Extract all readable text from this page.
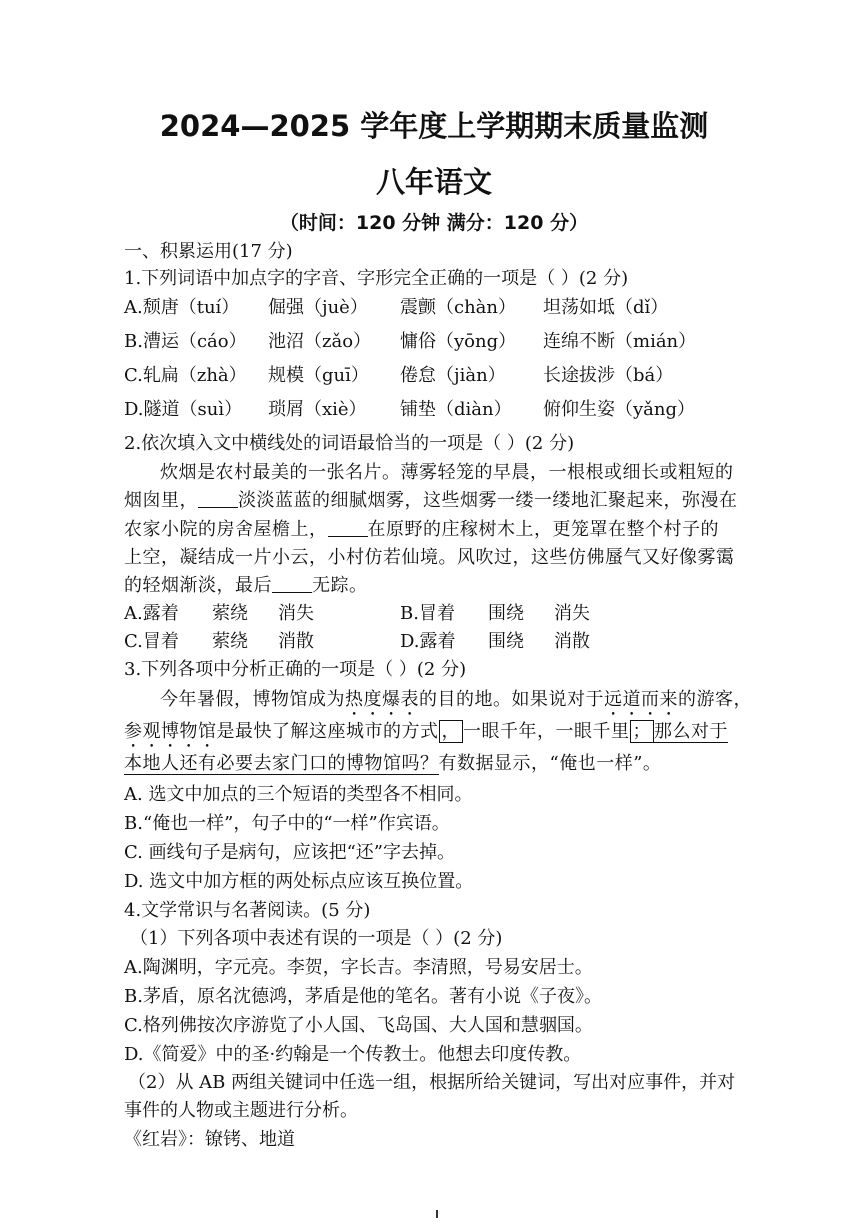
2024—2025 学年度上学期期末质量监测
八年语文
（时间：120 分钟 满分：120 分）
一、积累运用(17 分)
1.下列词语中加点字的字音、字形完全正确的一项是（ ）(2 分)
A.颓唐（tuí） 倔强（juè） 震颤（chàn） 坦荡如坻（dǐ）
B.漕运（cáo） 池沼（zǎo） 慵俗（yōng） 连绵不断（mián）
C.轧扁（zhà） 规模（guī） 倦怠（jiàn） 长途拔涉（bá）
D.隧道（suì） 琐屑（xiè） 铺垫（diàn） 俯仰生姿（yǎng）
2.依次填入文中横线处的词语最恰当的一项是（ ）(2 分)
炊烟是农村最美的一张名片。薄雾轻笼的早晨，一根根或细长或粗短的
烟囱里， 淡淡蓝蓝的细腻烟雾，这些烟雾一缕一缕地汇聚起来，弥漫在
农家小院的房舍屋檐上， 在原野的庄稼树木上，更笼罩在整个村子的
上空，凝结成一片小云，小村仿若仙境。风吹过，这些仿佛蜃气又好像雾霭
的轻烟渐淡，最后 无踪。
A.露着 萦绕 消失	B.冒着 围绕 消失
C.冒着 萦绕 消散	D.露着 围绕 消散
3.下列各项中分析正确的一项是（ ）(2 分)
今年暑假，博物馆成为热度爆表的目的地。如果说对于远道而来的游客，
参观博物馆是最快了解这座城市的方式 ， 一眼千年，一眼千里 ； 那么对于
本地人还有必要去家门口的博物馆吗？有数据显示，“俺也一样”。
A. 选文中加点的三个短语的类型各不相同。
B.“俺也一样”，句子中的“一样”作宾语。
C. 画线句子是病句，应该把“还”字去掉。
D. 选文中加方框的两处标点应该互换位置。
4.文学常识与名著阅读。(5 分)
（1）下列各项中表述有误的一项是（ ）(2 分)
A.陶渊明，字元亮。李贺，字长吉。李清照，号易安居士。
B.茅盾，原名沈德鸿，茅盾是他的笔名。著有小说《子夜》。
C.格列佛按次序游览了小人国、飞岛国、大人国和慧骃国。
D.《简爱》中的圣·约翰是一个传教士。他想去印度传教。
（2）从 AB 两组关键词中任选一组，根据所给关键词，写出对应事件，并对
事件的人物或主题进行分析。
《红岩》：镣铐、地道
